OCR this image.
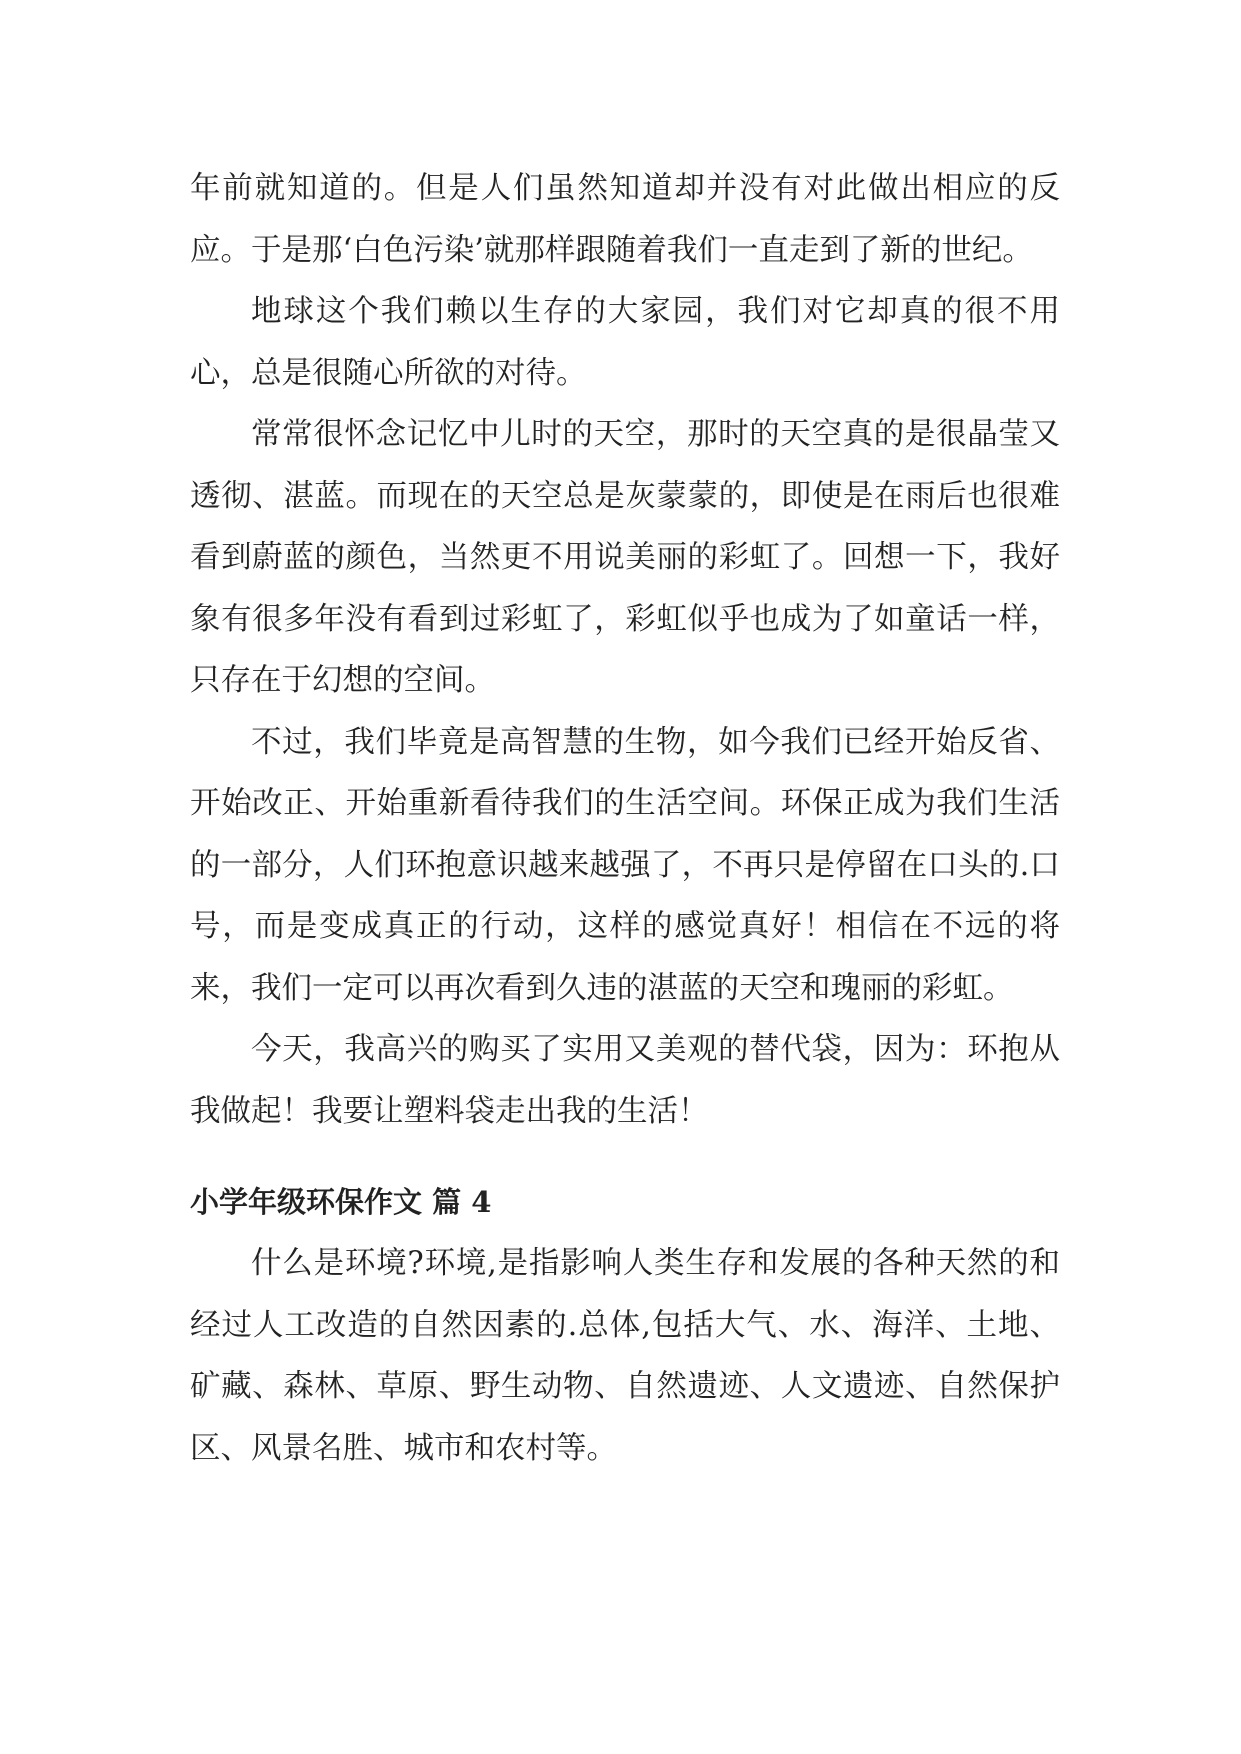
年前就知道的。但是人们虽然知道却并没有对此做出相应的反应。于是那‘白色污染’就那样跟随着我们一直走到了新的世纪。

地球这个我们赖以生存的大家园，我们对它却真的很不用心，总是很随心所欲的对待。

常常很怀念记忆中儿时的天空，那时的天空真的是很晶莹又透彻、湛蓝。而现在的天空总是灰蒙蒙的，即使是在雨后也很难看到蔚蓝的颜色，当然更不用说美丽的彩虹了。回想一下，我好象有很多年没有看到过彩虹了，彩虹似乎也成为了如童话一样，只存在于幻想的空间。

不过，我们毕竟是高智慧的生物，如今我们已经开始反省、开始改正、开始重新看待我们的生活空间。环保正成为我们生活的一部分，人们环抱意识越来越强了，不再只是停留在口头的.口号，而是变成真正的行动，这样的感觉真好！相信在不远的将来，我们一定可以再次看到久违的湛蓝的天空和瑰丽的彩虹。

今天，我高兴的购买了实用又美观的替代袋，因为：环抱从我做起！我要让塑料袋走出我的生活！

小学年级环保作文 篇 4

什么是环境?环境,是指影响人类生存和发展的各种天然的和经过人工改造的自然因素的.总体,包括大气、水、海洋、土地、矿藏、森林、草原、野生动物、自然遗迹、人文遗迹、自然保护区、风景名胜、城市和农村等。
